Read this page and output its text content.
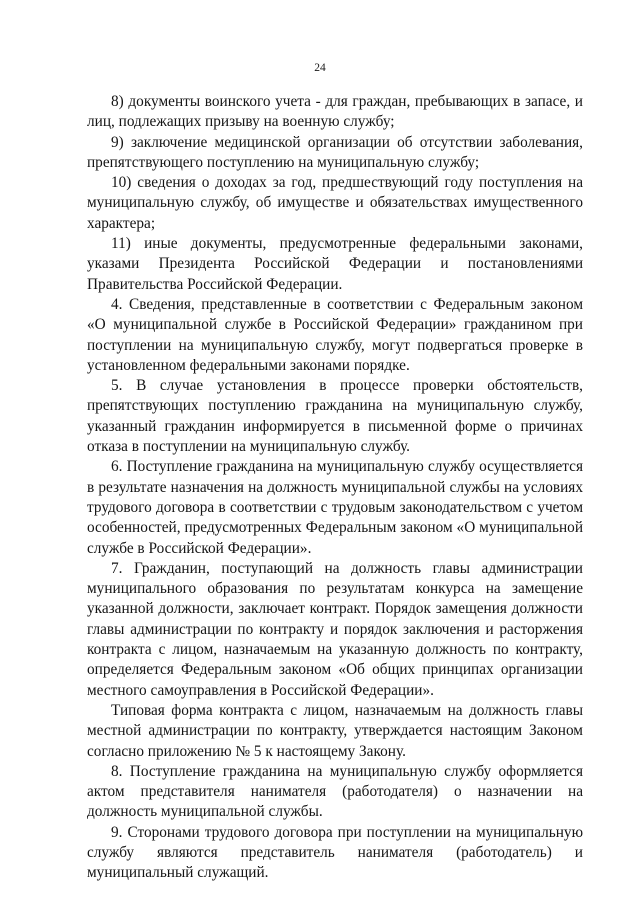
24

8) документы воинского учета - для граждан, пребывающих в запасе, и лиц, подлежащих призыву на военную службу;

9) заключение медицинской организации об отсутствии заболевания, препятствующего поступлению на муниципальную службу;

10) сведения о доходах за год, предшествующий году поступления на муниципальную службу, об имуществе и обязательствах имущественного характера;

11) иные документы, предусмотренные федеральными законами, указами Президента Российской Федерации и постановлениями Правительства Российской Федерации.

4. Сведения, представленные в соответствии с Федеральным законом «О муниципальной службе в Российской Федерации» гражданином при поступлении на муниципальную службу, могут подвергаться проверке в установленном федеральными законами порядке.

5. В случае установления в процессе проверки обстоятельств, препятствующих поступлению гражданина на муниципальную службу, указанный гражданин информируется в письменной форме о причинах отказа в поступлении на муниципальную службу.

6. Поступление гражданина на муниципальную службу осуществляется в результате назначения на должность муниципальной службы на условиях трудового договора в соответствии с трудовым законодательством с учетом особенностей, предусмотренных Федеральным законом «О муниципальной службе в Российской Федерации».

7. Гражданин, поступающий на должность главы администрации муниципального образования по результатам конкурса на замещение указанной должности, заключает контракт. Порядок замещения должности главы администрации по контракту и порядок заключения и расторжения контракта с лицом, назначаемым на указанную должность по контракту, определяется Федеральным законом «Об общих принципах организации местного самоуправления в Российской Федерации».

Типовая форма контракта с лицом, назначаемым на должность главы местной администрации по контракту, утверждается настоящим Законом согласно приложению № 5 к настоящему Закону.

8. Поступление гражданина на муниципальную службу оформляется актом представителя нанимателя (работодателя) о назначении на должность муниципальной службы.

9. Сторонами трудового договора при поступлении на муниципальную службу являются представитель нанимателя (работодатель) и муниципальный служащий.
